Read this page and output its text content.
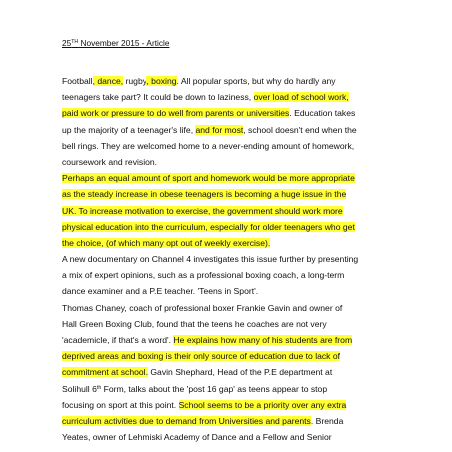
25TH November 2015 - Article
Football, dance, rugby, boxing. All popular sports, but why do hardly any
teenagers take part? It could be down to laziness, over load of school work,
paid work or pressure to do well from parents or universities. Education takes
up the majority of a teenager's life, and for most, school doesn't end when the
bell rings. They are welcomed home to a never-ending amount of homework,
coursework and revision.
Perhaps an equal amount of sport and homework would be more appropriate
as the steady increase in obese teenagers is becoming a huge issue in the
UK. To increase motivation to exercise, the government should work more
physical education into the curriculum, especially for older teenagers who get
the choice, (of which many opt out of weekly exercise).
A new documentary on Channel 4 investigates this issue further by presenting
a mix of expert opinions, such as a professional boxing coach, a long-term
dance examiner and a P.E teacher. 'Teens in Sport'.
Thomas Chaney, coach of professional boxer Frankie Gavin and owner of
Hall Green Boxing Club, found that the teens he coaches are not very
'academicle, if that's a word'. He explains how many of his students are from
deprived areas and boxing is their only source of education due to lack of
commitment at school. Gavin Shephard, Head of the P.E department at
Solihull 6th Form, talks about the 'post 16 gap' as teens appear to stop
focusing on sport at this point. School seems to be a priority over any extra
curriculum activities due to demand from Universities and parents. Brenda
Yeates, owner of Lehmiski Academy of Dance and a Fellow and Senior
